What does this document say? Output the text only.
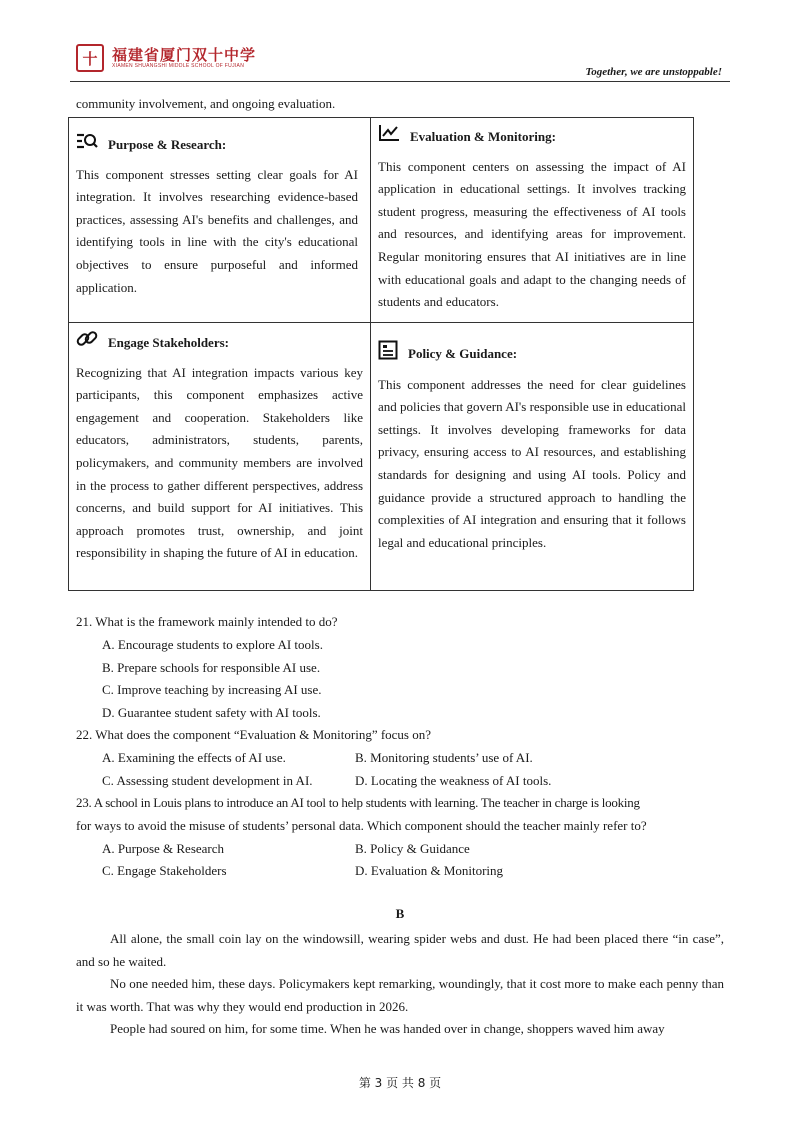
十 福建省厦门双十中学
XIAMEN SHUANGSHI MIDDLE SCHOOL OF FUJIAN	Together, we are unstoppable!
community involvement, and ongoing evaluation.
Purpose & Research:

This component stresses setting clear goals for AI integration. It involves researching evidence-based practices, assessing AI's benefits and challenges, and identifying tools in line with the city's educational objectives to ensure purposeful and informed application.

Evaluation & Monitoring:

This component centers on assessing the impact of AI application in educational settings. It involves tracking student progress, measuring the effectiveness of AI tools and resources, and identifying areas for improvement. Regular monitoring ensures that AI initiatives are in line with educational goals and adapt to the changing needs of students and educators.

Engage Stakeholders:

Recognizing that AI integration impacts various key participants, this component emphasizes active engagement and cooperation. Stakeholders like educators, administrators, students, parents, policymakers, and community members are involved in the process to gather different perspectives, address concerns, and build support for AI initiatives. This approach promotes trust, ownership, and joint responsibility in shaping the future of AI in education.

Policy & Guidance:

This component addresses the need for clear guidelines and policies that govern AI's responsible use in educational settings. It involves developing frameworks for data privacy, ensuring access to AI resources, and establishing standards for designing and using AI tools. Policy and guidance provide a structured approach to handling the complexities of AI integration and ensuring that it follows legal and educational principles.

21. What is the framework mainly intended to do?
A. Encourage students to explore AI tools.
B. Prepare schools for responsible AI use.
C. Improve teaching by increasing AI use.
D. Guarantee student safety with AI tools.
22. What does the component “Evaluation & Monitoring” focus on?
A. Examining the effects of AI use.	B. Monitoring students’ use of AI.
C. Assessing student development in AI.	D. Locating the weakness of AI tools.
23. A school in Louis plans to introduce an AI tool to help students with learning. The teacher in charge is looking
for ways to avoid the misuse of students’ personal data. Which component should the teacher mainly refer to?
A. Purpose & Research	B. Policy & Guidance
C. Engage Stakeholders	D. Evaluation & Monitoring
B

All alone, the small coin lay on the windowsill, wearing spider webs and dust. He had been placed there “in case”, and so he waited.

No one needed him, these days. Policymakers kept remarking, woundingly, that it cost more to make each penny than it was worth. That was why they would end production in 2026.

People had soured on him, for some time. When he was handed over in change, shoppers waved him away

第 3 页 共 8 页
